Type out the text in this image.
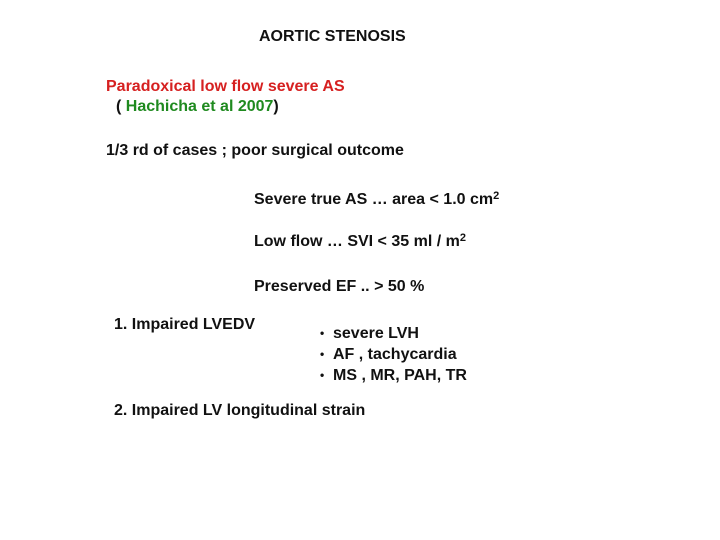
AORTIC STENOSIS
Paradoxical low flow severe AS
( Hachicha et al 2007)
1/3 rd of cases ; poor surgical outcome
Severe true AS … area < 1.0 $cm^2$
Low flow … SVI < 35 ml / $m^2$
Preserved EF .. > 50 %
1. Impaired LVEDV	• severe LVH
• AF , tachycardia
• MS , MR, PAH, TR
2. Impaired LV longitudinal strain
